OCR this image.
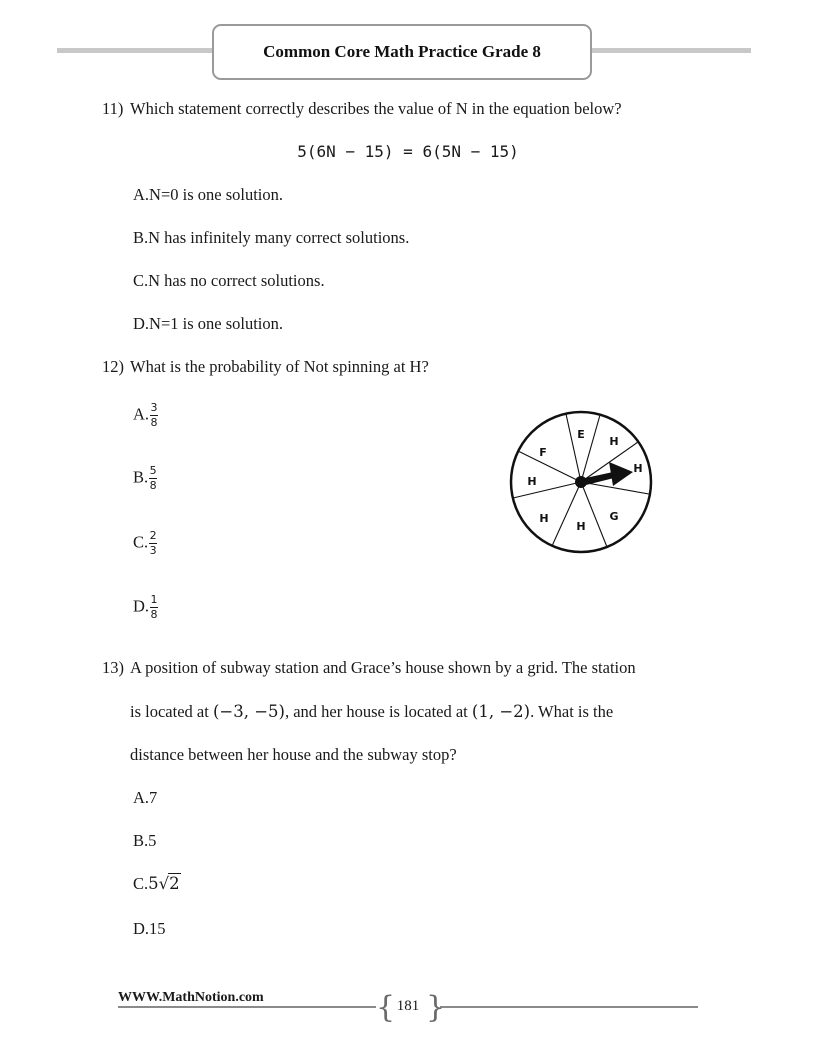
Common Core Math Practice Grade 8
11) Which statement correctly describes the value of N in the equation below?
5(6N − 15) = 6(5N − 15)
A.N=0 is one solution.
B.N has infinitely many correct solutions.
C.N has no correct solutions.
D.N=1 is one solution.
12) What is the probability of Not spinning at H?
A. $\frac{3}{8}$
B. $\frac{5}{8}$
C. $\frac{2}{3}$
D. $\frac{1}{8}$
E
H
H
G
H
H
H
F
13) A position of subway station and Grace’s house shown by a grid. The station
is located at (−3, −5), and her house is located at (1, −2). What is the
distance between her house and the subway stop?
A.7
B.5
C.5√2
D.15
WWW.MathNotion.com	{ }
181
